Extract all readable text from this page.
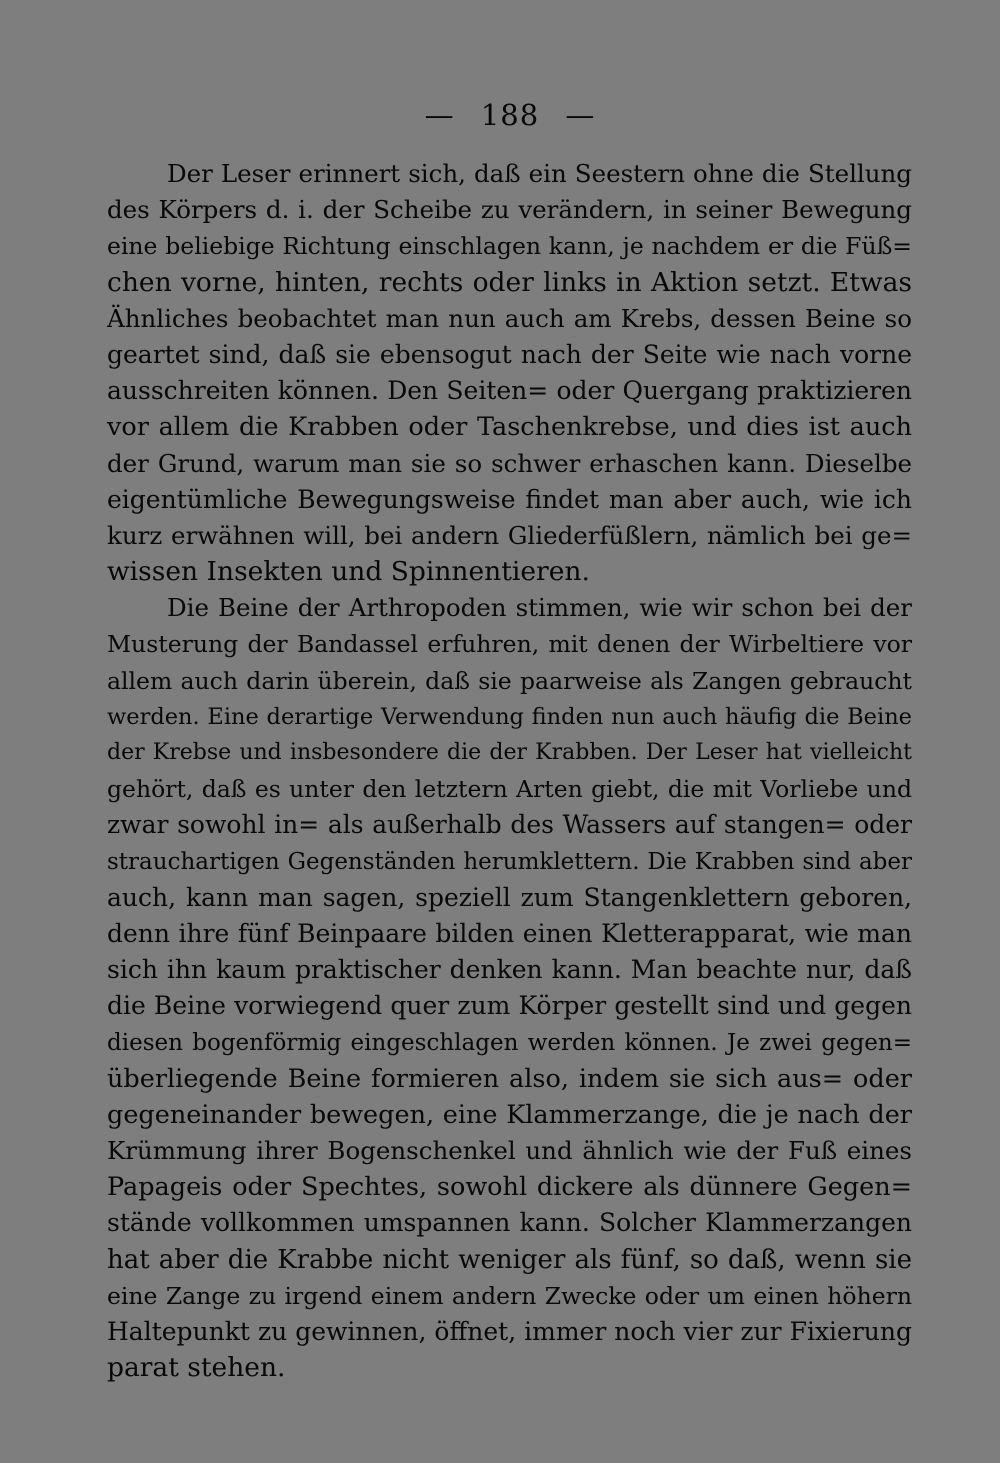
— 188 —
Der Leser erinnert sich, daß ein Seestern ohne die Stellung
des Körpers d. i. der Scheibe zu verändern, in seiner Bewegung
eine beliebige Richtung einschlagen kann, je nachdem er die Füß=
chen vorne, hinten, rechts oder links in Aktion setzt. Etwas
Ähnliches beobachtet man nun auch am Krebs, dessen Beine so
geartet sind, daß sie ebensogut nach der Seite wie nach vorne
ausschreiten können. Den Seiten= oder Quergang praktizieren
vor allem die Krabben oder Taschenkrebse, und dies ist auch
der Grund, warum man sie so schwer erhaschen kann. Dieselbe
eigentümliche Bewegungsweise findet man aber auch, wie ich
kurz erwähnen will, bei andern Gliederfüßlern, nämlich bei ge=
wissen Insekten und Spinnentieren.
Die Beine der Arthropoden stimmen, wie wir schon bei der
Musterung der Bandassel erfuhren, mit denen der Wirbeltiere vor
allem auch darin überein, daß sie paarweise als Zangen gebraucht
werden. Eine derartige Verwendung finden nun auch häufig die Beine
der Krebse und insbesondere die der Krabben. Der Leser hat vielleicht
gehört, daß es unter den letztern Arten giebt, die mit Vorliebe und
zwar sowohl in= als außerhalb des Wassers auf stangen= oder
strauchartigen Gegenständen herumklettern. Die Krabben sind aber
auch, kann man sagen, speziell zum Stangenklettern geboren,
denn ihre fünf Beinpaare bilden einen Kletterapparat, wie man
sich ihn kaum praktischer denken kann. Man beachte nur, daß
die Beine vorwiegend quer zum Körper gestellt sind und gegen
diesen bogenförmig eingeschlagen werden können. Je zwei gegen=
überliegende Beine formieren also, indem sie sich aus= oder
gegeneinander bewegen, eine Klammerzange, die je nach der
Krümmung ihrer Bogenschenkel und ähnlich wie der Fuß eines
Papageis oder Spechtes, sowohl dickere als dünnere Gegen=
stände vollkommen umspannen kann. Solcher Klammerzangen
hat aber die Krabbe nicht weniger als fünf, so daß, wenn sie
eine Zange zu irgend einem andern Zwecke oder um einen höhern
Haltepunkt zu gewinnen, öffnet, immer noch vier zur Fixierung
parat stehen.
